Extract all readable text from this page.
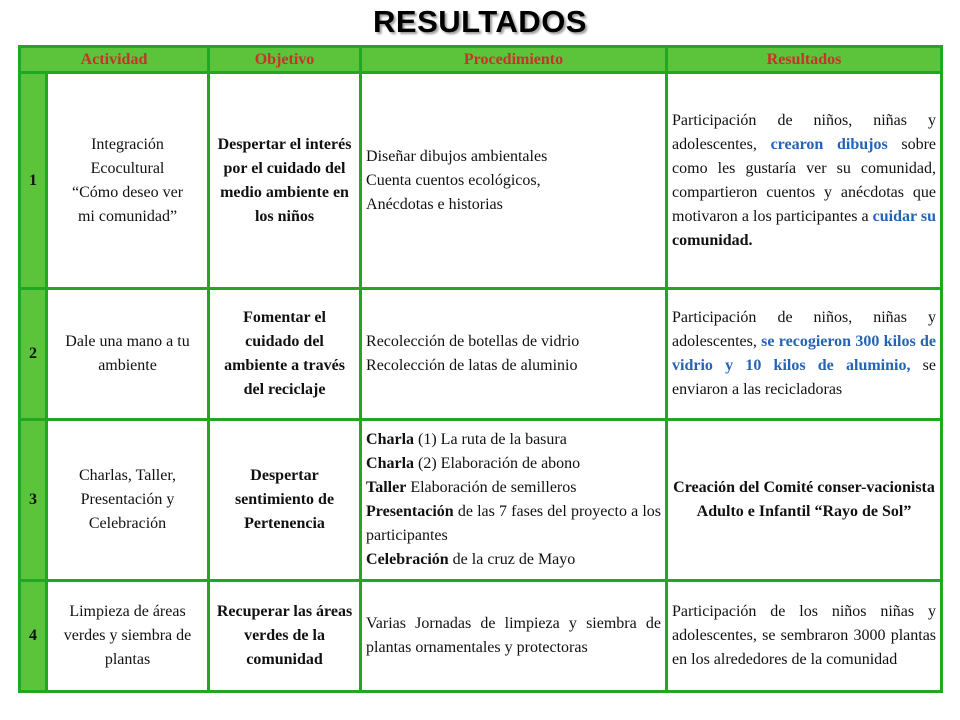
RESULTADOS
Actividad		Objetivo	Procedimiento	Resultados
1	Integración
Ecocultural
“Cómo deseo ver
mi comunidad”	Despertar el interés por el cuidado del medio ambiente en los niños	Diseñar dibujos ambientales
Cuenta cuentos ecológicos,
Anécdotas e historias	Participación de niños, niñas y adolescentes, crearon dibujos sobre como les gustaría ver su comunidad, compartieron cuentos y anécdotas que motivaron a los participantes a cuidar su comunidad.
2	Dale una mano a tu ambiente	Fomentar el cuidado del ambiente a través del reciclaje	Recolección de botellas de vidrio
Recolección de latas de aluminio	Participación de niños, niñas y adolescentes, se recogieron 300 kilos de vidrio y 10 kilos de aluminio, se enviaron a las recicladoras
3	Charlas, Taller, Presentación y Celebración	Despertar sentimiento de Pertenencia	Charla (1) La ruta de la basura
Charla (2) Elaboración de abono
Taller Elaboración de semilleros
Presentación de las 7 fases del proyecto a los participantes
Celebración de la cruz de Mayo	Creación del Comité conser-vacionista Adulto e Infantil “Rayo de Sol”
4	Limpieza de áreas verdes y siembra de plantas	Recuperar las áreas verdes de la comunidad	Varias Jornadas de limpieza y siembra de plantas ornamentales y protectoras	Participación de los niños niñas y adolescentes, se sembraron 3000 plantas en los alrededores de la comunidad
